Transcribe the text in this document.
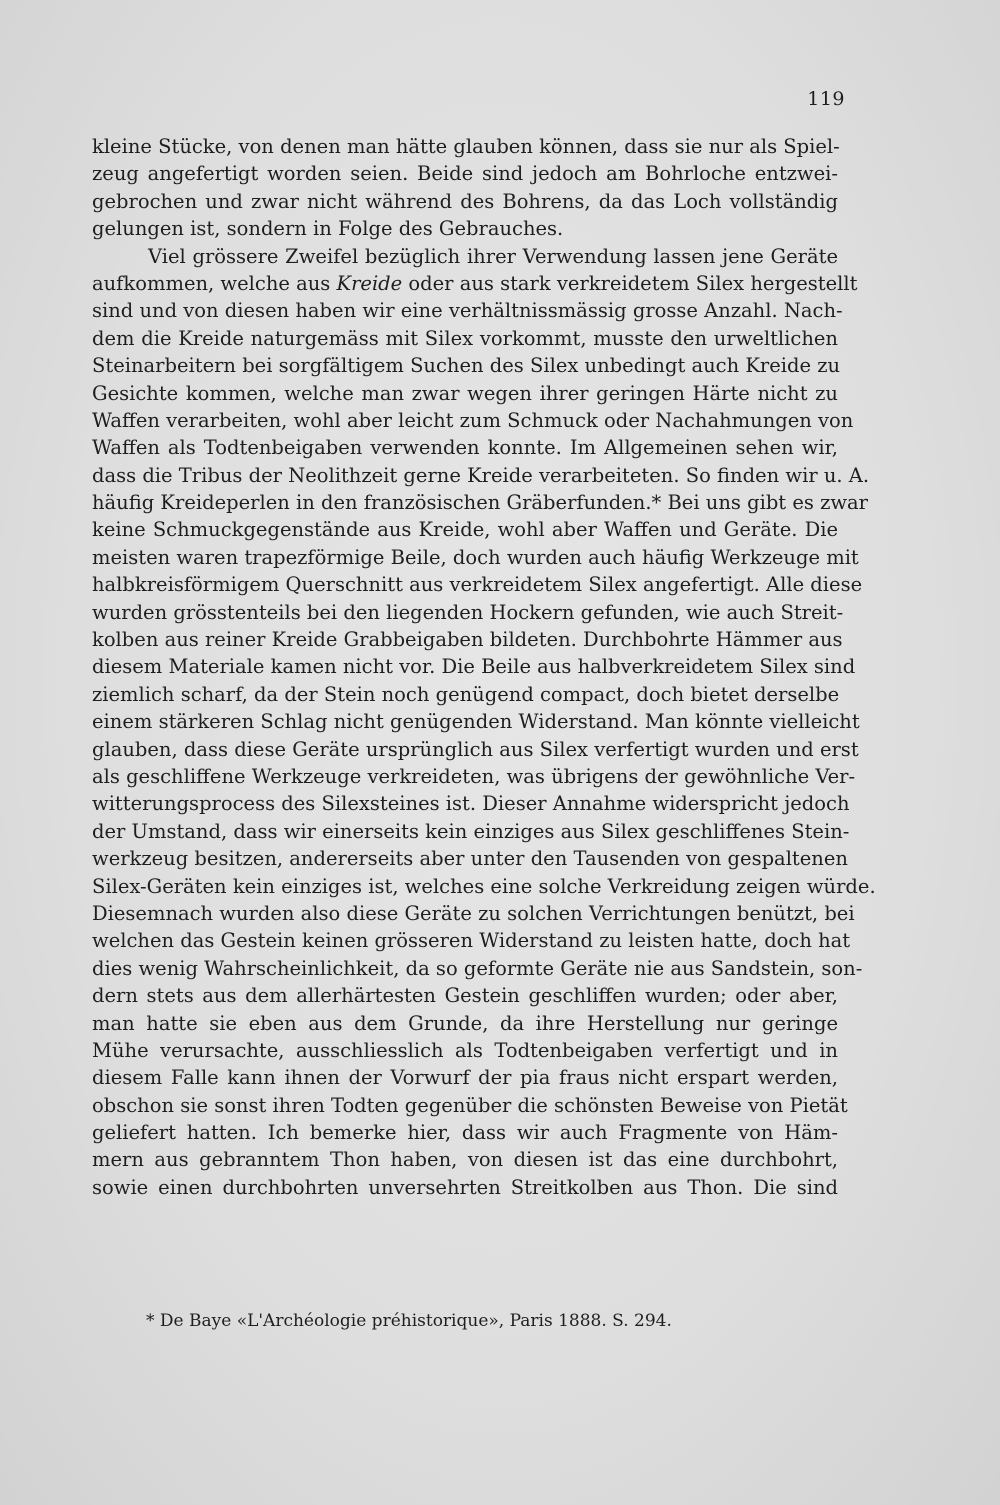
119
kleine Stücke, von denen man hätte glauben können, dass sie nur als Spiel-
zeug angefertigt worden seien. Beide sind jedoch am Bohrloche entzwei-
gebrochen und zwar nicht während des Bohrens, da das Loch vollständig
gelungen ist, sondern in Folge des Gebrauches.
Viel grössere Zweifel bezüglich ihrer Verwendung lassen jene Geräte
aufkommen, welche aus Kreide oder aus stark verkreidetem Silex hergestellt
sind und von diesen haben wir eine verhältnissmässig grosse Anzahl. Nach-
dem die Kreide naturgemäss mit Silex vorkommt, musste den urweltlichen
Steinarbeitern bei sorgfältigem Suchen des Silex unbedingt auch Kreide zu
Gesichte kommen, welche man zwar wegen ihrer geringen Härte nicht zu
Waffen verarbeiten, wohl aber leicht zum Schmuck oder Nachahmungen von
Waffen als Todtenbeigaben verwenden konnte. Im Allgemeinen sehen wir,
dass die Tribus der Neolithzeit gerne Kreide verarbeiteten. So finden wir u. A.
häufig Kreideperlen in den französischen Gräberfunden.* Bei uns gibt es zwar
keine Schmuckgegenstände aus Kreide, wohl aber Waffen und Geräte. Die
meisten waren trapezförmige Beile, doch wurden auch häufig Werkzeuge mit
halbkreisförmigem Querschnitt aus verkreidetem Silex angefertigt. Alle diese
wurden grösstenteils bei den liegenden Hockern gefunden, wie auch Streit-
kolben aus reiner Kreide Grabbeigaben bildeten. Durchbohrte Hämmer aus
diesem Materiale kamen nicht vor. Die Beile aus halbverkreidetem Silex sind
ziemlich scharf, da der Stein noch genügend compact, doch bietet derselbe
einem stärkeren Schlag nicht genügenden Widerstand. Man könnte vielleicht
glauben, dass diese Geräte ursprünglich aus Silex verfertigt wurden und erst
als geschliffene Werkzeuge verkreideten, was übrigens der gewöhnliche Ver-
witterungsprocess des Silexsteines ist. Dieser Annahme widerspricht jedoch
der Umstand, dass wir einerseits kein einziges aus Silex geschliffenes Stein-
werkzeug besitzen, andererseits aber unter den Tausenden von gespaltenen
Silex-Geräten kein einziges ist, welches eine solche Verkreidung zeigen würde.
Diesemnach wurden also diese Geräte zu solchen Verrichtungen benützt, bei
welchen das Gestein keinen grösseren Widerstand zu leisten hatte, doch hat
dies wenig Wahrscheinlichkeit, da so geformte Geräte nie aus Sandstein, son-
dern stets aus dem allerhärtesten Gestein geschliffen wurden; oder aber,
man hatte sie eben aus dem Grunde, da ihre Herstellung nur geringe
Mühe verursachte, ausschliesslich als Todtenbeigaben verfertigt und in
diesem Falle kann ihnen der Vorwurf der pia fraus nicht erspart werden,
obschon sie sonst ihren Todten gegenüber die schönsten Beweise von Pietät
geliefert hatten. Ich bemerke hier, dass wir auch Fragmente von Häm-
mern aus gebranntem Thon haben, von diesen ist das eine durchbohrt,
sowie einen durchbohrten unversehrten Streitkolben aus Thon. Die sind
* De Baye «L'Archéologie préhistorique», Paris 1888. S. 294.
